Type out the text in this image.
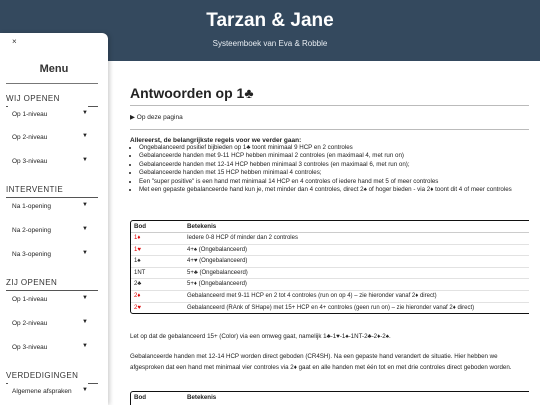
Tarzan & Jane
Systeemboek van Eva & Robble
Antwoorden op 1♣
▶ Op deze pagina
Allereerst, de belangrijkste regels voor we verder gaan:
• Ongebalanceerd positief bijbieden op 1♣ toont minimaal 9 HCP en 2 controles
• Gebalanceerde handen met 9-11 HCP hebben minimaal 2 controles (en maximaal 4, met run on)
• Gebalanceerde handen met 12-14 HCP hebben minimaal 3 controles (en maximaal 6, met run on);
• Gebalanceerde handen met 15 HCP hebben minimaal 4 controles;
• Een "super positive" is een hand met minimaal 14 HCP en 4 controles of iedere hand met 5 of meer controles
• Met een gepaste gebalanceerde hand kun je, met minder dan 4 controles, direct 2♠ of hoger bieden - via 2♦ toont dit 4 of meer controles
Bod	Betekenis
1♦	Iedere 0-8 HCP óf minder dan 2 controles
1♥	4+♠ (Ongebalanceerd)
1♠	4+♥ (Ongebalanceerd)
1NT	5+♣ (Ongebalanceerd)
2♣	5+♦ (Ongebalanceerd)
2♦	Gebalanceerd met 9-11 HCP en 2 tot 4 controles (run on op 4) – zie hieronder vanaf 2♦ direct)
2♥	Gebalanceerd (RAnk of SHape) met 15+ HCP en 4+ controles (geen run on) – zie hieronder vanaf 2♦ direct)

Let op dat de gebalanceerd 15+ (Color) via een omweg gaat, namelijk 1♣-1♥-1♠-1NT-2♣-2♦-2♠.

Gebalanceerde handen met 12-14 HCP worden direct geboden (CR4SH). Na een gepaste hand verandert de situatie. Hier hebben we afgesproken dat een hand met minimaal vier controles via 2♦ gaat en alle handen met één tot en met drie controles direct geboden worden.

Bod	Betekenis
×
Menu
WIJ OPENEN
Op 1-niveau	▼
Op 2-niveau	▼
Op 3-niveau	▼
INTERVENTIE
Na 1-opening	▼
Na 2-opening	▼
Na 3-opening	▼
ZIJ OPENEN
Op 1-niveau	▼
Op 2-niveau	▼
Op 3-niveau	▼
VERDEDIGINGEN
Algemene afspraken ▼
